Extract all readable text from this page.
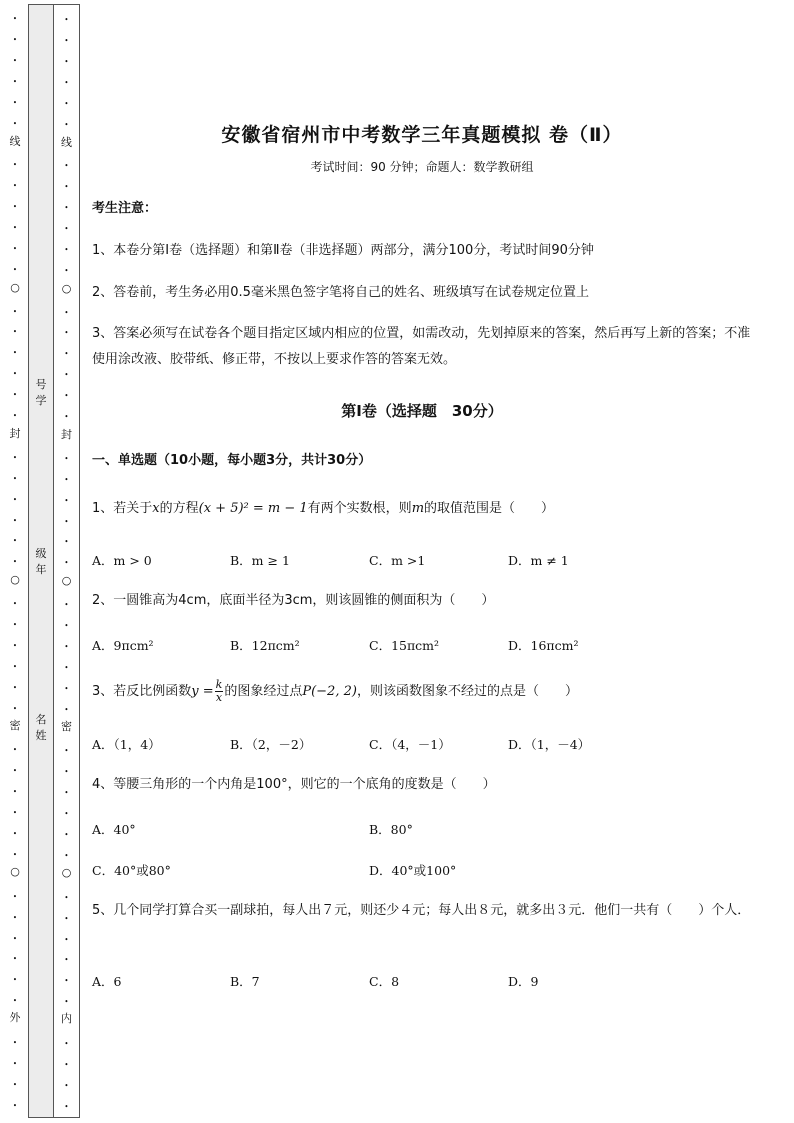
•
•
•
•
•
•
•
•
•
•
•
•
•
•
•
•
•
•
•
•
•
•
•
•
•
•
•
•
•
•
•
•
•
•
•
•
•
•
•
•
•
•
•
•
•
•
线
○
封
○
密
○
外
号
学
级
年
名
姓
•
•
•
•
•
•
•
•
•
•
•
•
•
•
•
•
•
•
•
•
•
•
•
•
•
•
•
•
•
•
•
•
•
•
•
•
•
•
•
•
•
•
•
•
•
•
线
○
封
○
密
○
内
安徽省宿州市中考数学三年真题模拟 卷（Ⅱ）
考试时间：90 分钟；命题人：数学教研组
考生注意：
1、本卷分第Ⅰ卷（选择题）和第Ⅱ卷（非选择题）两部分，满分100分，考试时间90分钟
2、答卷前，考生务必用0.5毫米黑色签字笔将自己的姓名、班级填写在试卷规定位置上
3、答案必须写在试卷各个题目指定区域内相应的位置，如需改动，先划掉原来的答案，然后再写上新的答案；不准使用涂改液、胶带纸、修正带，不按以上要求作答的答案无效。
第Ⅰ卷（选择题　30分）
一、单选题（10小题，每小题3分，共计30分）
1、若关于x的方程(x + 5)² = m − 1有两个实数根，则m的取值范围是（　　）
A．m > 0	B．m ≥ 1	C．m >1	D．m ≠ 1
2、一圆锥高为4cm，底面半径为3cm，则该圆锥的侧面积为（　　）
A．9πcm²	B．12πcm²	C．15πcm²	D．16πcm²
3、若反比例函数$y = \frac{k}{x}$ 的图象经过点P(−2, 2)，则该函数图象不经过的点是（　　）
A．（1，4）	B．（2，－2）	C．（4，－1）	D．（1，－4）
4、等腰三角形的一个内角是100°，则它的一个底角的度数是（　　）
A．40°	B．80°
C．40°或80°	D．40°或100°
5、几个同学打算合买一副球拍，每人出７元，则还少４元；每人出８元，就多出３元．他们一共有（　　）个人．
A．6	B．7	C．8	D．9
